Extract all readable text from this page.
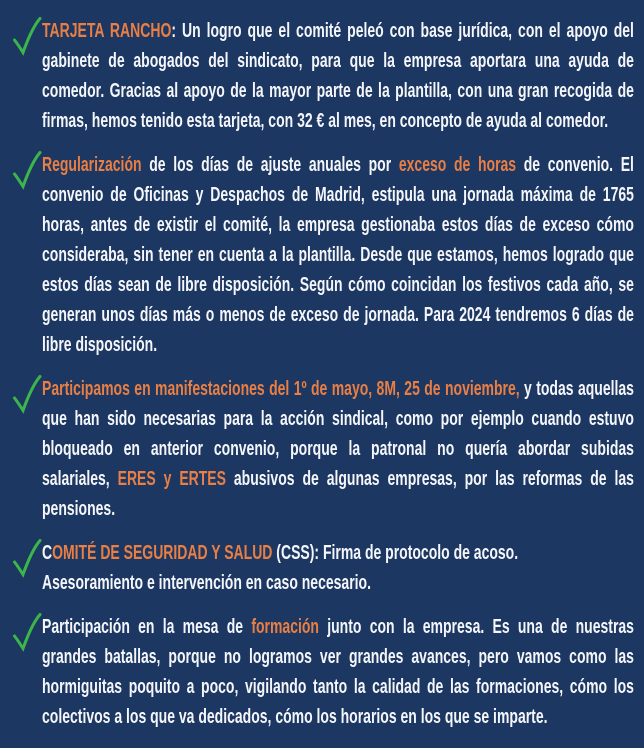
TARJETA RANCHO: Un logro que el comité peleó con base jurídica, con el apoyo del gabinete de abogados del sindicato, para que la empresa aportara una ayuda de comedor. Gracias al apoyo de la mayor parte de la plantilla, con una gran recogida de firmas, hemos tenido esta tarjeta, con 32 € al mes, en concepto de ayuda al comedor.

Regularización de los días de ajuste anuales por exceso de horas de convenio. El convenio de Oficinas y Despachos de Madrid, estipula una jornada máxima de 1765 horas, antes de existir el comité, la empresa gestionaba estos días de exceso cómo consideraba, sin tener en cuenta a la plantilla. Desde que estamos, hemos logrado que estos días sean de libre disposición. Según cómo coincidan los festivos cada año, se generan unos días más o menos de exceso de jornada. Para 2024 tendremos 6 días de libre disposición.

Participamos en manifestaciones del 1º de mayo, 8M, 25 de noviembre, y todas aquellas que han sido necesarias para la acción sindical, como por ejemplo cuando estuvo bloqueado en anterior convenio, porque la patronal no quería abordar subidas salariales, ERES y ERTES abusivos de algunas empresas, por las reformas de las pensiones.

COMITÉ DE SEGURIDAD Y SALUD (CSS): Firma de protocolo de acoso.
Asesoramiento e intervención en caso necesario.

Participación en la mesa de formación junto con la empresa. Es una de nuestras grandes batallas, porque no logramos ver grandes avances, pero vamos como las hormiguitas poquito a poco, vigilando tanto la calidad de las formaciones, cómo los colectivos a los que va dedicados, cómo los horarios en los que se imparte.
